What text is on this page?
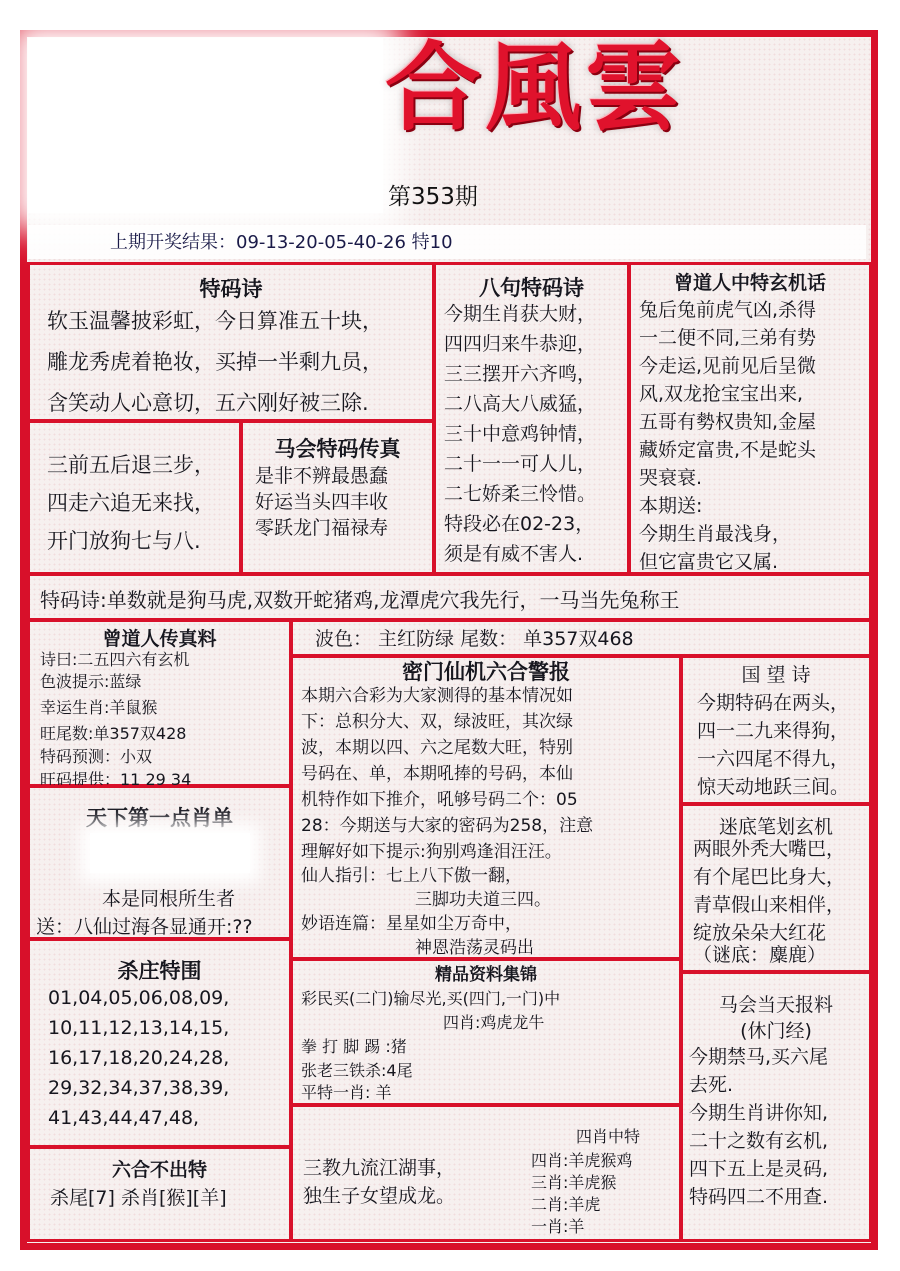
合風雲
第353期
上期开奖结果：09-13-20-05-40-26 特10
特码诗
软玉温馨披彩虹，今日算准五十块，
雕龙秀虎着艳妆，买掉一半剩九员，
含笑动人心意切，五六刚好被三除.
八句特码诗
今期生肖获大财，
四四归来牛恭迎，
三三摆开六齐鸣，
二八高大八威猛，
三十中意鸡钟情，
二十一一可人儿，
二七娇柔三怜惜。
特段必在02-23，
须是有威不害人.
曾道人中特玄机话
兔后兔前虎气凶,杀得
一二便不同,三弟有势
今走运,见前见后呈微
风,双龙抢宝宝出来,
五哥有勢权贵知,金屋
藏娇定富贵,不是蛇头
哭衰衰.
本期送:
今期生肖最浅身，
但它富贵它又属.
三前五后退三步，
四走六追无来找，
开门放狗七与八.
马会特码传真
是非不辨最愚蠢
好运当头四丰收
零跃龙门福禄寿
特码诗:单数就是狗马虎,双数开蛇猪鸡,龙潭虎穴我先行，一马当先兔称王
曾道人传真料
诗曰:二五四六有玄机
色波提示:蓝绿
幸运生肖:羊鼠猴
旺尾数:单357双428
特码预测：小双
旺码提供：11 29 34
天下第一点肖单
本是同根所生者
送：八仙过海各显通开:??
杀庄特围
01,04,05,06,08,09,
10,11,12,13,14,15,
16,17,18,20,24,28,
29,32,34,37,38,39,
41,43,44,47,48,
六合不出特
杀尾[7] 杀肖[猴][羊]
波色： 主红防绿 尾数： 单357双468
密门仙机六合警报
本期六合彩为大家测得的基本情况如
下：总积分大、双，绿波旺，其次绿
波，本期以四、六之尾数大旺，特别
号码在、单，本期吼捧的号码，本仙
机特作如下推介，吼够号码二个：05
28：今期送与大家的密码为258，注意
理解好如下提示:狗别鸡逢泪汪汪。
仙人指引：七上八下傲一翻，
三脚功夫道三四。
妙语连篇：星星如尘万奇中，
神恩浩荡灵码出
精品资料集锦
彩民买(二门)输尽光,买(四门,一门)中
四肖:鸡虎龙牛
拳 打 脚 踢 :猪
张老三铁杀:4尾
平特一肖: 羊
三教九流江湖事，
独生子女望成龙。
四肖中特
四肖:羊虎猴鸡
三肖:羊虎猴
二肖:羊虎
一肖:羊
国 望 诗
今期特码在两头，
四一二九来得狗，
一六四尾不得九，
惊天动地跃三间。
迷底笔划玄机
两眼外秃大嘴巴，
有个尾巴比身大，
青草假山来相伴，
绽放朵朵大红花
（谜底：麋鹿）
马会当天报料
(休门经)
今期禁马,买六尾
去死.
今期生肖讲你知,
二十之数有玄机,
四下五上是灵码,
特码四二不用查.
